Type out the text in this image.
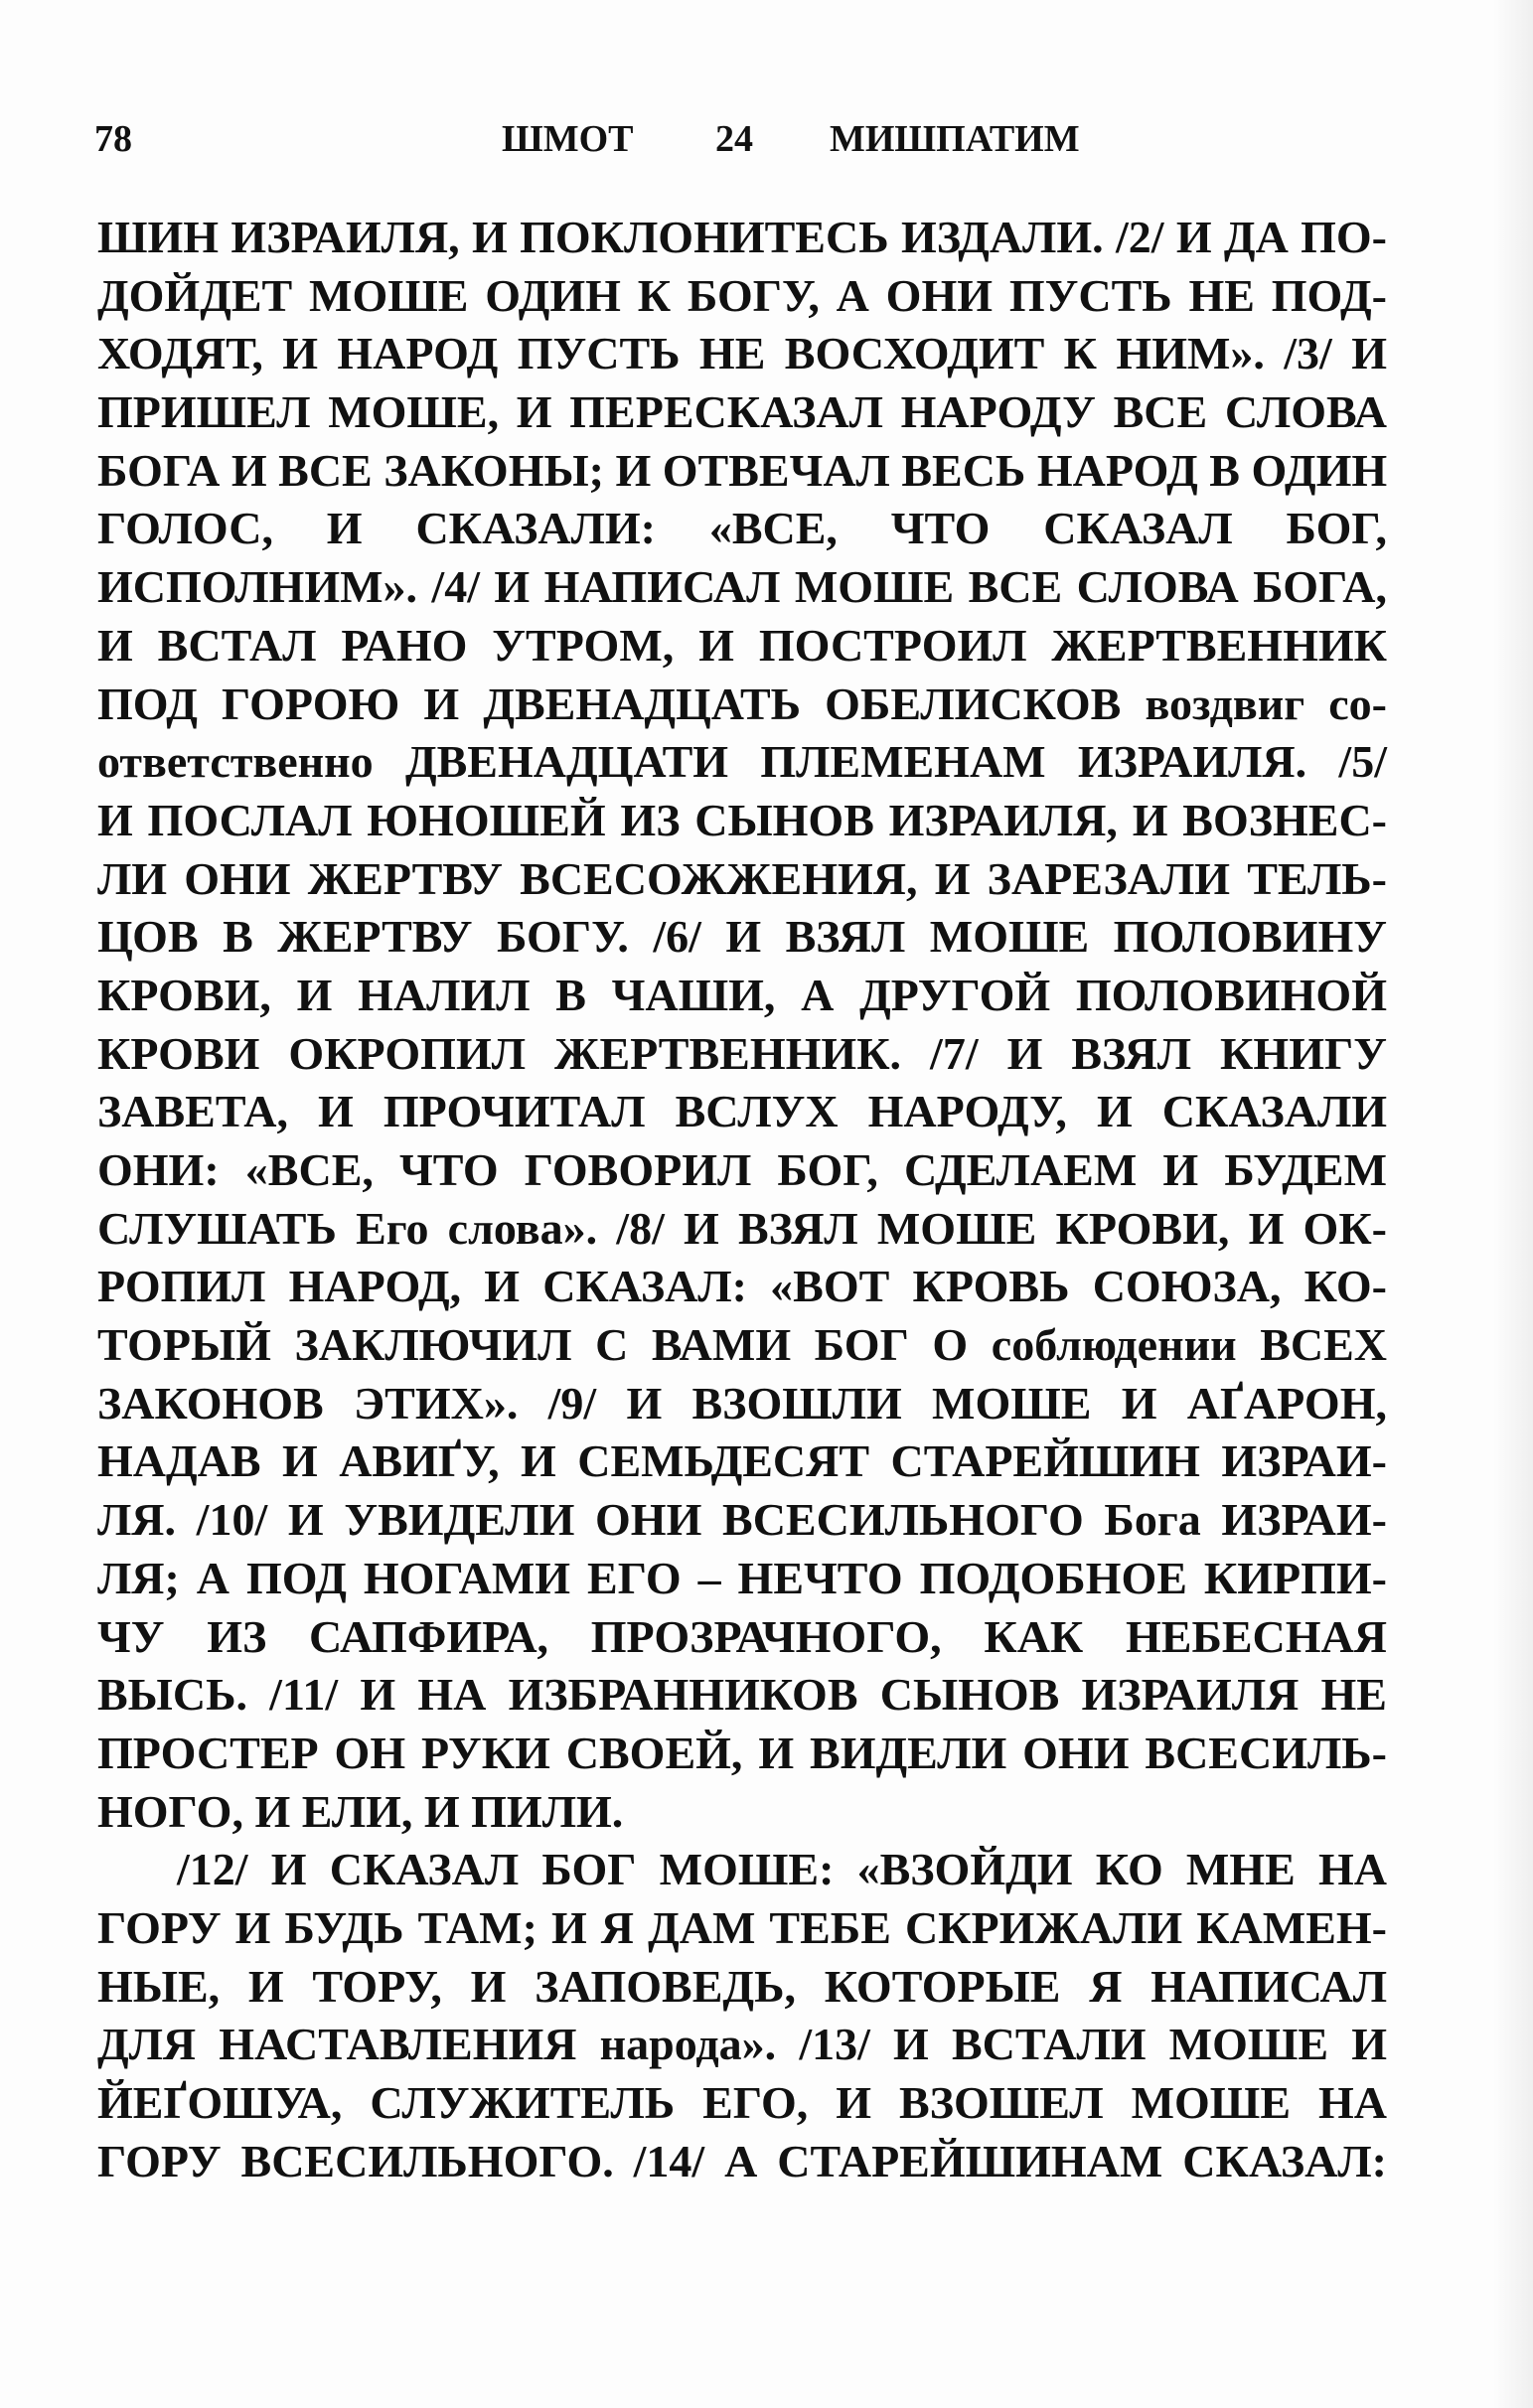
78	ШМОТ 24 МИШПАТИМ
ШИН ИЗРАИЛЯ, И ПОКЛОНИТЕСЬ ИЗДАЛИ. /2/ И ДА ПО-
ДОЙДЕТ МОШЕ ОДИН К БОГУ, А ОНИ ПУСТЬ НЕ ПОД-
ХОДЯТ, И НАРОД ПУСТЬ НЕ ВОСХОДИТ К НИМ». /3/ И
ПРИШЕЛ МОШЕ, И ПЕРЕСКАЗАЛ НАРОДУ ВСЕ СЛОВА
БОГА И ВСЕ ЗАКОНЫ; И ОТВЕЧАЛ ВЕСЬ НАРОД В ОДИН
ГОЛОС, И СКАЗАЛИ: «ВСЕ, ЧТО СКАЗАЛ БОГ,
ИСПОЛНИМ». /4/ И НАПИСАЛ МОШЕ ВСЕ СЛОВА БОГА,
И ВСТАЛ РАНО УТРОМ, И ПОСТРОИЛ ЖЕРТВЕННИК
ПОД ГОРОЮ И ДВЕНАДЦАТЬ ОБЕЛИСКОВ воздвиг со-
ответственно ДВЕНАДЦАТИ ПЛЕМЕНАМ ИЗРАИЛЯ. /5/
И ПОСЛАЛ ЮНОШЕЙ ИЗ СЫНОВ ИЗРАИЛЯ, И ВОЗНЕС-
ЛИ ОНИ ЖЕРТВУ ВСЕСОЖЖЕНИЯ, И ЗАРЕЗАЛИ ТЕЛЬ-
ЦОВ В ЖЕРТВУ БОГУ. /6/ И ВЗЯЛ МОШЕ ПОЛОВИНУ
КРОВИ, И НАЛИЛ В ЧАШИ, А ДРУГОЙ ПОЛОВИНОЙ
КРОВИ ОКРОПИЛ ЖЕРТВЕННИК. /7/ И ВЗЯЛ КНИГУ
ЗАВЕТА, И ПРОЧИТАЛ ВСЛУХ НАРОДУ, И СКАЗАЛИ
ОНИ: «ВСЕ, ЧТО ГОВОРИЛ БОГ, СДЕЛАЕМ И БУДЕМ
СЛУШАТЬ Его слова». /8/ И ВЗЯЛ МОШЕ КРОВИ, И ОК-
РОПИЛ НАРОД, И СКАЗАЛ: «ВОТ КРОВЬ СОЮЗА, КО-
ТОРЫЙ ЗАКЛЮЧИЛ С ВАМИ БОГ О соблюдении ВСЕХ
ЗАКОНОВ ЭТИХ». /9/ И ВЗОШЛИ МОШЕ И АҐАРОН,
НАДАВ И АВИҐУ, И СЕМЬДЕСЯТ СТАРЕЙШИН ИЗРАИ-
ЛЯ. /10/ И УВИДЕЛИ ОНИ ВСЕСИЛЬНОГО Бога ИЗРАИ-
ЛЯ; А ПОД НОГАМИ ЕГО – НЕЧТО ПОДОБНОЕ КИРПИ-
ЧУ ИЗ САПФИРА, ПРОЗРАЧНОГО, КАК НЕБЕСНАЯ
ВЫСЬ. /11/ И НА ИЗБРАННИКОВ СЫНОВ ИЗРАИЛЯ НЕ
ПРОСТЕР ОН РУКИ СВОЕЙ, И ВИДЕЛИ ОНИ ВСЕСИЛЬ-
НОГО, И ЕЛИ, И ПИЛИ.
/12/ И СКАЗАЛ БОГ МОШЕ: «ВЗОЙДИ КО МНЕ НА
ГОРУ И БУДЬ ТАМ; И Я ДАМ ТЕБЕ СКРИЖАЛИ КАМЕН-
НЫЕ, И ТОРУ, И ЗАПОВЕДЬ, КОТОРЫЕ Я НАПИСАЛ
ДЛЯ НАСТАВЛЕНИЯ народа». /13/ И ВСТАЛИ МОШЕ И
ЙЕҐОШУА, СЛУЖИТЕЛЬ ЕГО, И ВЗОШЕЛ МОШЕ НА
ГОРУ ВСЕСИЛЬНОГО. /14/ А СТАРЕЙШИНАМ СКАЗАЛ:
